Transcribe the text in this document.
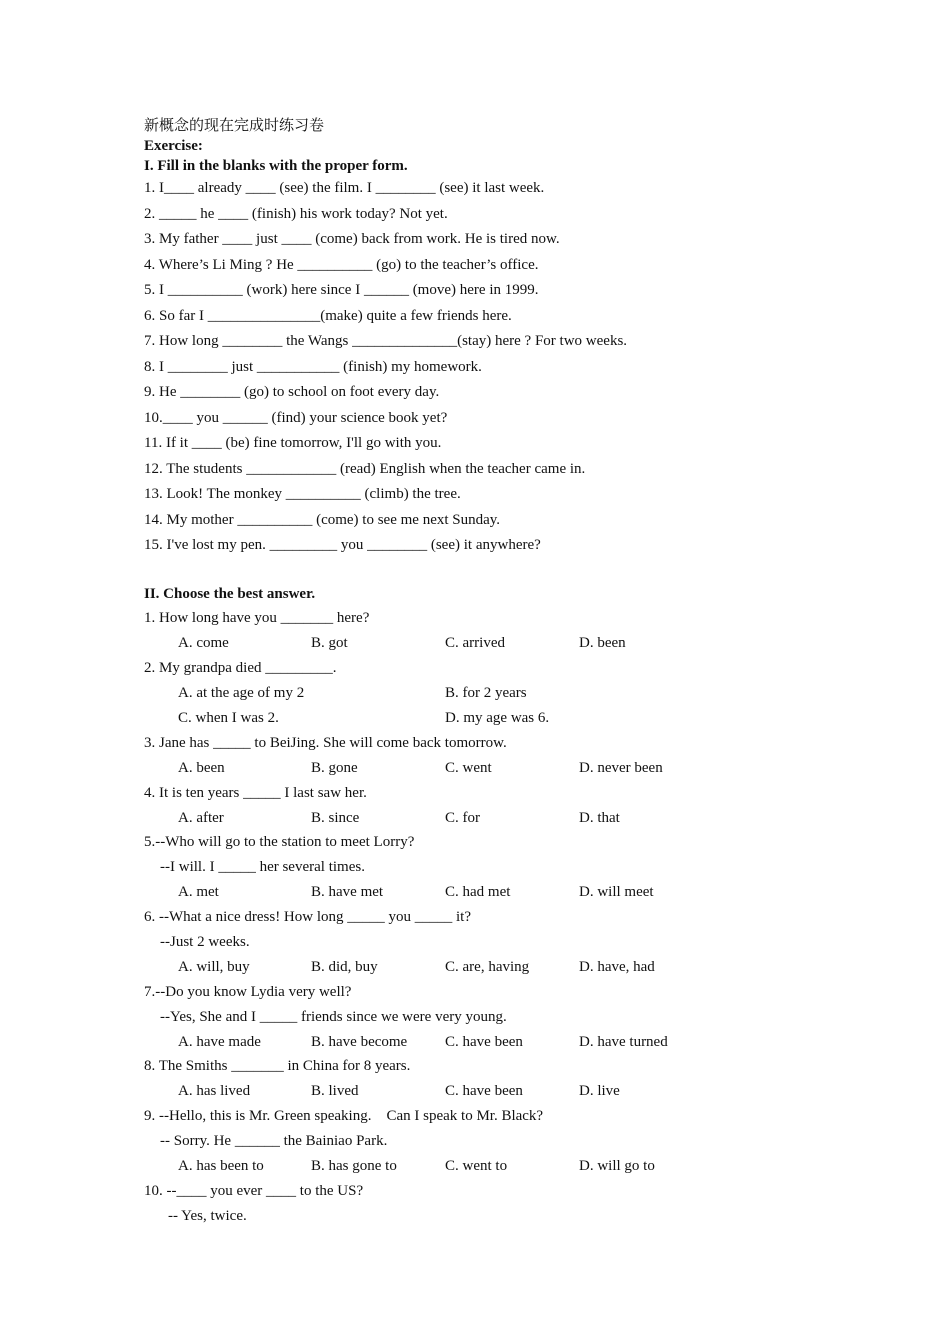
新概念的现在完成时练习卷
Exercise:
I. Fill in the blanks with the proper form.
1. I____ already ____ (see) the film. I ________ (see) it last week.
2. _____ he ____ (finish) his work today? Not yet.
3. My father ____ just ____ (come) back from work. He is tired now.
4. Where’s Li Ming ? He __________ (go) to the teacher’s office.
5. I __________ (work) here since I ______ (move) here in 1999.
6. So far I _______________(make) quite a few friends here.
7. How long ________ the Wangs ______________(stay) here ? For two weeks.
8. I ________ just ___________ (finish) my homework.
9. He ________ (go) to school on foot every day.
10.____ you ______ (find) your science book yet?
11. If it ____ (be) fine tomorrow, I'll go with you.
12. The students ____________ (read) English when the teacher came in.
13. Look! The monkey __________ (climb) the tree.
14. My mother __________ (come) to see me next Sunday.
15. I've lost my pen. _________ you ________ (see) it anywhere?
II. Choose the best answer.
1. How long have you _______ here?
A. come	B. got	C. arrived	D. been
2. My grandpa died _________.
A. at the age of my 2	B. for 2 years
C. when I was 2.	D. my age was 6.
3. Jane has _____ to BeiJing. She will come back tomorrow.
A. been	B. gone	C. went	D. never been
4. It is ten years _____ I last saw her.
A. after	B. since	C. for	D. that
5.--Who will go to the station to meet Lorry?
--I will. I _____ her several times.
A. met	B. have met	C. had met	D. will meet
6. --What a nice dress! How long _____ you _____ it?
--Just 2 weeks.
A. will, buy	B. did, buy	C. are, having	D. have, had
7.--Do you know Lydia very well?
--Yes, She and I _____ friends since we were very young.
A. have made	B. have become	C. have been	D. have turned
8. The Smiths _______ in China for 8 years.
A. has lived	B. lived	C. have been	D. live
9. --Hello, this is Mr. Green speaking.    Can I speak to Mr. Black?
-- Sorry. He ______ the Bainiao Park.
A. has been to	B. has gone to	C. went to	D. will go to
10. --____ you ever ____ to the US?
-- Yes, twice.
